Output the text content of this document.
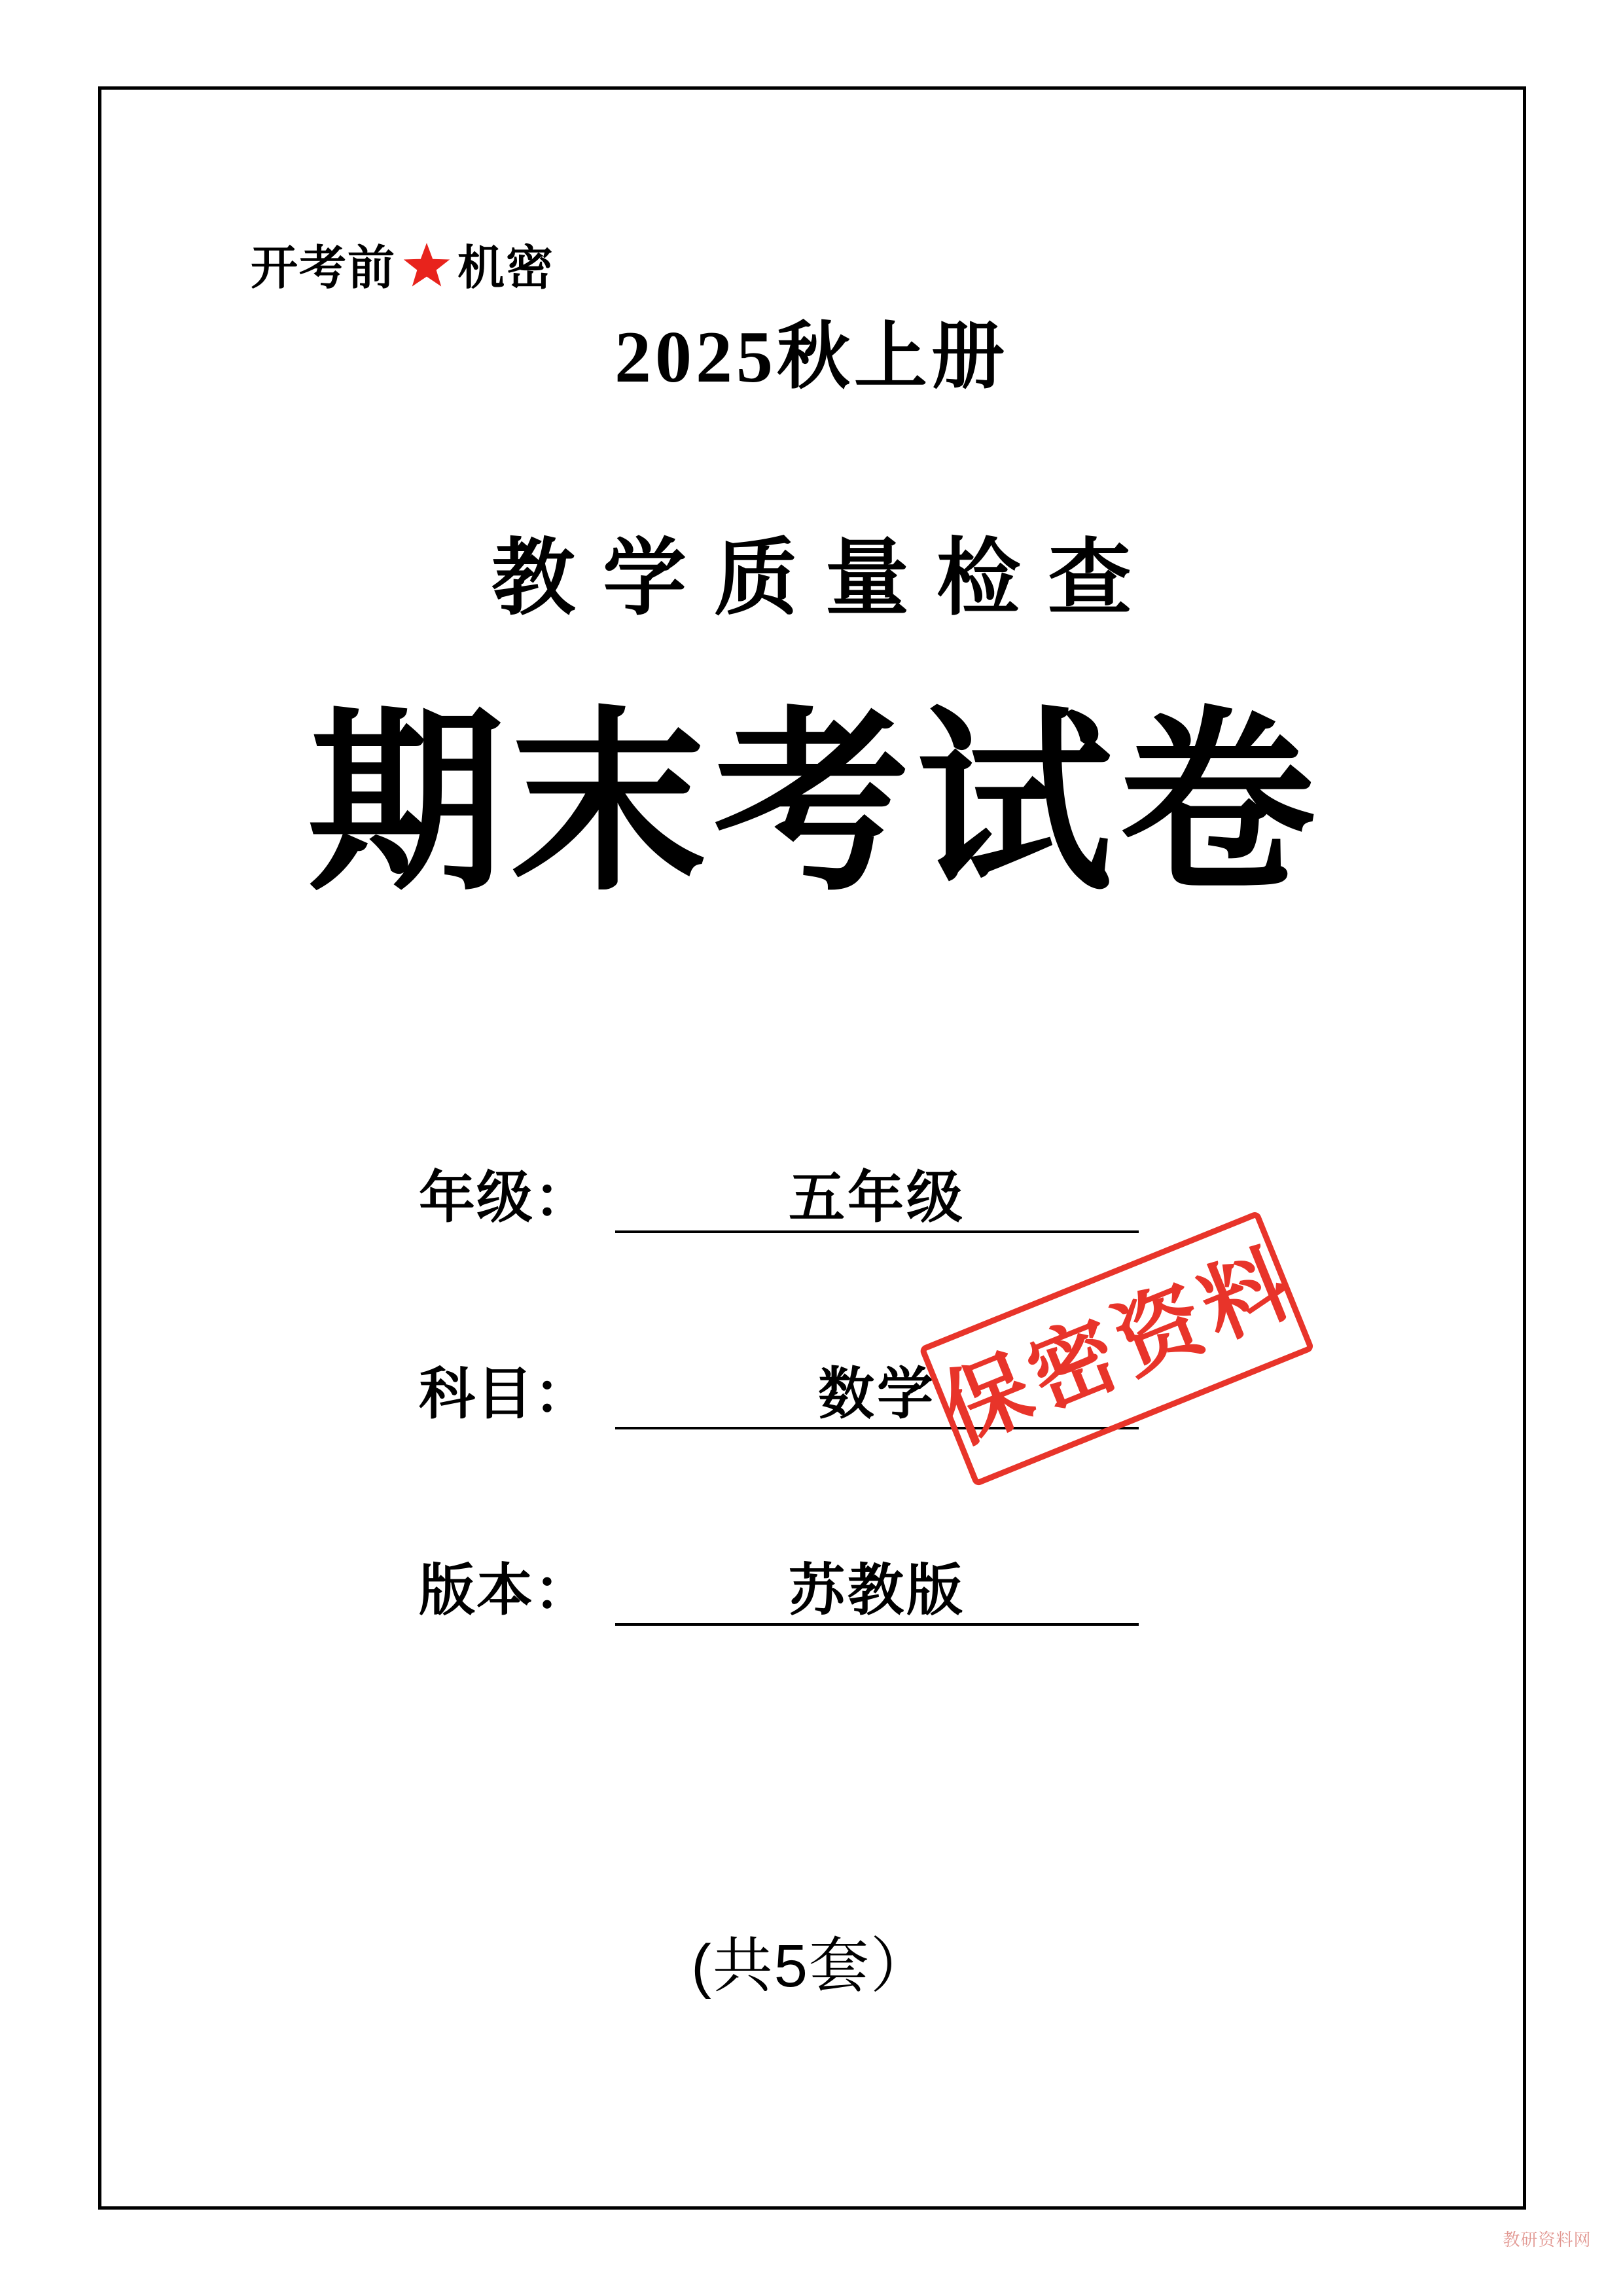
开考前 机密
2025秋上册
教学质量检查
期末考试卷
年级：	五年级
科目：	数学
版本：	苏教版
保密资料
(共5套）
教研资料网
